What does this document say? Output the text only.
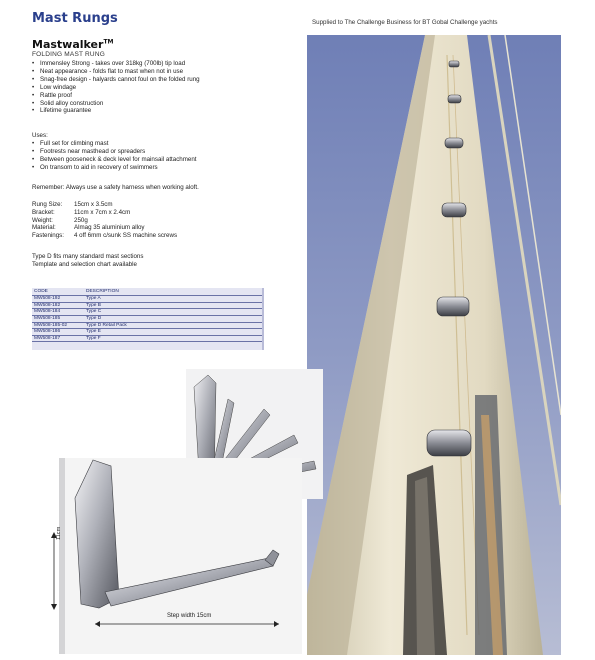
Mast Rungs	Supplied to The Challenge Business for BT Gobal Challenge yachts
Mastwalker™
FOLDING MAST RUNG
• Immensley Strong - takes over 318kg (700lb) tip load
• Neat appearance - folds flat to mast when not in use
• Snag-free design - halyards cannot foul on the folded rung
• Low windage
• Rattle proof
• Solid alloy construction
• Lifetime guarantee
Uses:
• Full set for climbing mast
• Footrests near masthead or spreaders
• Between gooseneck & deck level for mainsail attachment
• On transom to aid in recovery of swimmers
Remember: Always use a safety harness when working aloft.
Rung Size:	15cm x 3.5cm
Bracket:	11cm x 7cm x 2.4cm
Weight:	250g
Material:	Almag 35 aluminium alloy
Fastenings:	4 off 6mm c/sunk SS machine screws
Type D fits many standard mast sections
Template and selection chart available
CODE	DESCRIPTION
MW508-192	Type A
MW508-182	Type B
MW508-184	Type C
MW508-185	Type D
MW508-185-02	Type D Retail Pack
MW508-186	Type E
MW508-187	Type F
11cm
Step width 15cm
